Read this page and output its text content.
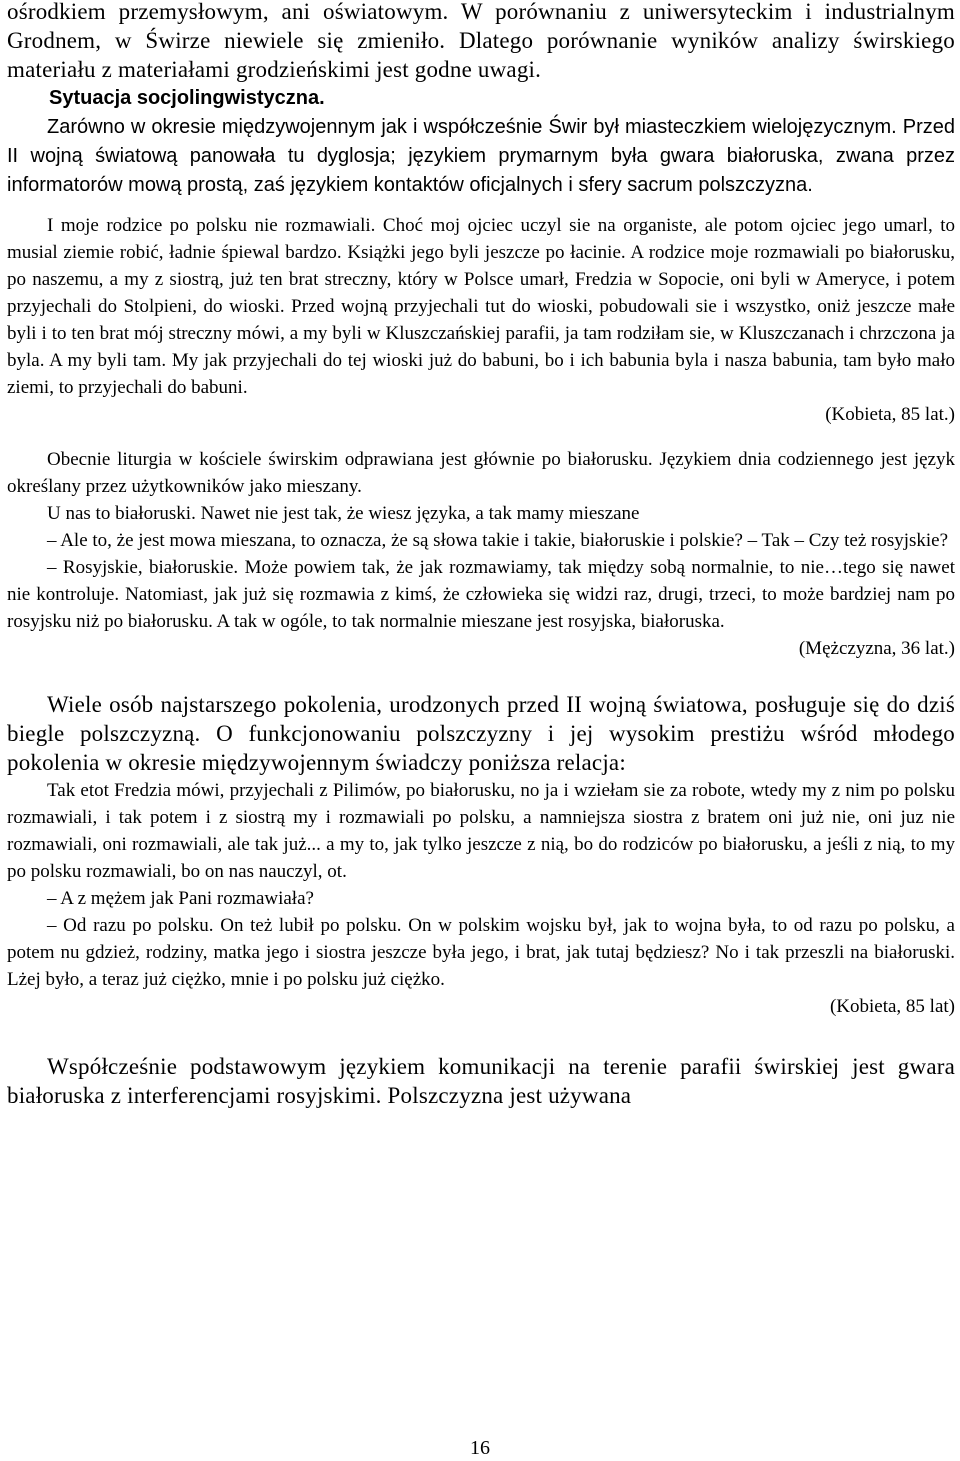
ośrodkiem przemysłowym, ani oświatowym. W porównaniu z uniwersyteckim i industrialnym Grodnem, w Świrze niewiele się zmieniło. Dlatego porównanie wyników analizy świrskiego materiału z materiałami grodzieńskimi jest godne uwagi.

Sytuacja socjolingwistyczna.

Zarówno w okresie międzywojennym jak i współcześnie Świr był miasteczkiem wielojęzycznym. Przed II wojną światową panowała tu dyglosja; językiem prymarnym była gwara białoruska, zwana przez informatorów mową prostą, zaś językiem kontaktów oficjalnych i sfery sacrum polszczyzna.

I moje rodzice po polsku nie rozmawiali. Choć moj ojciec uczyl sie na organiste, ale potom ojciec jego umarl, to musial ziemie robić, ładnie śpiewal bardzo. Książki jego byli jeszcze po łacinie. A rodzice moje rozmawiali po białorusku, po naszemu, a my z siostrą, już ten brat streczny, który w Polsce umarł, Fredzia w Sopocie, oni byli w Ameryce, i potem przyjechali do Stolpieni, do wioski. Przed wojną przyjechali tut do wioski, pobudowali sie i wszystko, oniż jeszcze małe byli i to ten brat mój streczny mówi, a my byli w Kluszczańskiej parafii, ja tam rodziłam sie, w Kluszczanach i chrzczona ja byla. A my byli tam. My jak przyjechali do tej wioski już do babuni, bo i ich babunia byla i nasza babunia, tam było mało ziemi, to przyjechali do babuni.

(Kobieta, 85 lat.)

Obecnie liturgia w kościele świrskim odprawiana jest głównie po białorusku. Językiem dnia codziennego jest język określany przez użytkowników jako mieszany.

U nas to białoruski. Nawet nie jest tak, że wiesz języka, a tak mamy mieszane

– Ale to, że jest mowa mieszana, to oznacza, że są słowa takie i takie, białoruskie i polskie? – Tak – Czy też rosyjskie?

– Rosyjskie, białoruskie. Może powiem tak, że jak rozmawiamy, tak między sobą normalnie, to nie…tego się nawet nie kontroluje. Natomiast, jak już się rozmawia z kimś, że człowieka się widzi raz, drugi, trzeci, to może bardziej nam po rosyjsku niż po białorusku. A tak w ogóle, to tak normalnie mieszane jest rosyjska, białoruska.

(Mężczyzna, 36 lat.)

Wiele osób najstarszego pokolenia, urodzonych przed II wojną światowa, posługuje się do dziś biegle polszczyzną. O funkcjonowaniu polszczyzny i jej wysokim prestiżu wśród młodego pokolenia w okresie międzywojennym świadczy poniższa relacja:

Tak etot Fredzia mówi, przyjechali z Pilimów, po białorusku, no ja i wziełam sie za robote, wtedy my z nim po polsku rozmawiali, i tak potem i z siostrą my i rozmawiali po polsku, a namniejsza siostra z bratem oni już nie, oni juz nie rozmawiali, oni rozmawiali, ale tak już... a my to, jak tylko jeszcze z nią, bo do rodziców po białorusku, a jeśli z nią, to my po polsku rozmawiali, bo on nas nauczyl, ot.

– A z mężem jak Pani rozmawiała?

– Od razu po polsku. On też lubił po polsku. On w polskim wojsku był, jak to wojna była, to od razu po polsku, a potem nu gdzież, rodziny, matka jego i siostra jeszcze była jego, i brat, jak tutaj będziesz? No i tak przeszli na białoruski. Lżej było, a teraz już ciężko, mnie i po polsku już ciężko.

(Kobieta, 85 lat)

Współcześnie podstawowym językiem komunikacji na terenie parafii świrskiej jest gwara białoruska z interferencjami rosyjskimi. Polszczyzna jest używana

16
